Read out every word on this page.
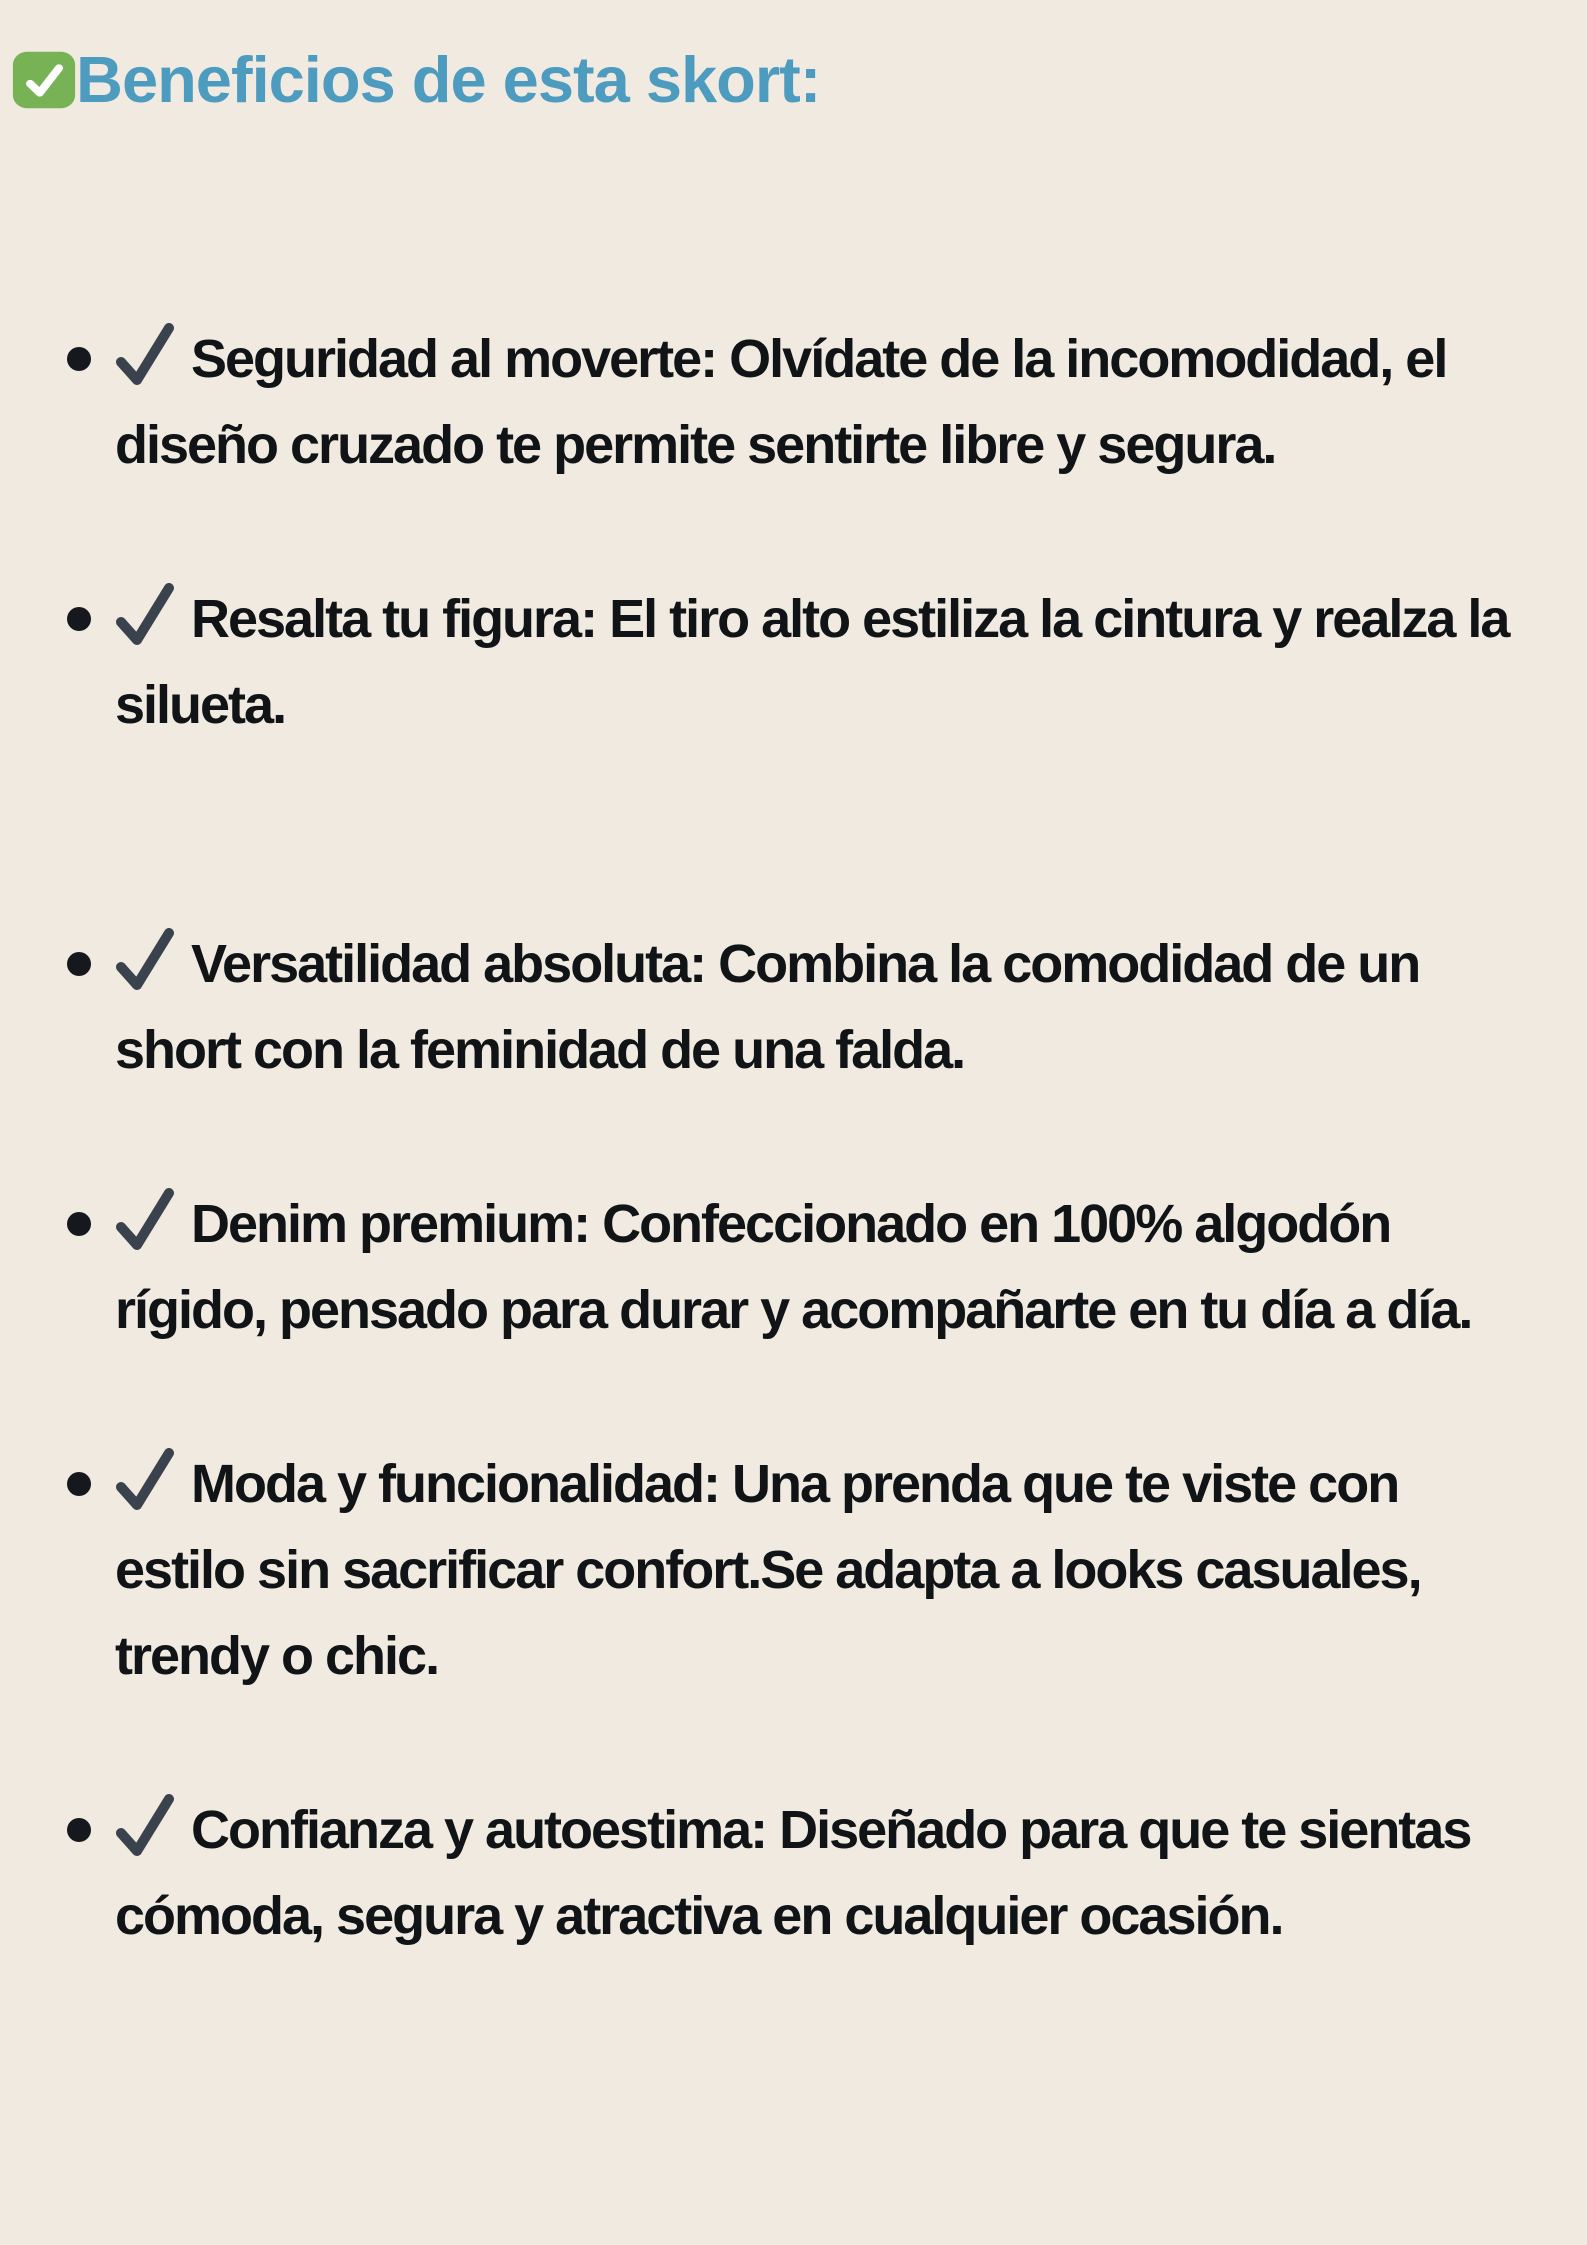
Beneficios de esta skort:

Seguridad al moverte: Olvídate de la incomodidad, el diseño cruzado te permite sentirte libre y segura.

Resalta tu figura: El tiro alto estiliza la cintura y realza la silueta.

Versatilidad absoluta: Combina la comodidad de un short con la feminidad de una falda.

Denim premium: Confeccionado en 100% algodón rígido, pensado para durar y acompañarte en tu día a día.

Moda y funcionalidad: Una prenda que te viste con estilo sin sacrificar confort.Se adapta a looks casuales, trendy o chic.

Confianza y autoestima: Diseñado para que te sientas cómoda, segura y atractiva en cualquier ocasión.
